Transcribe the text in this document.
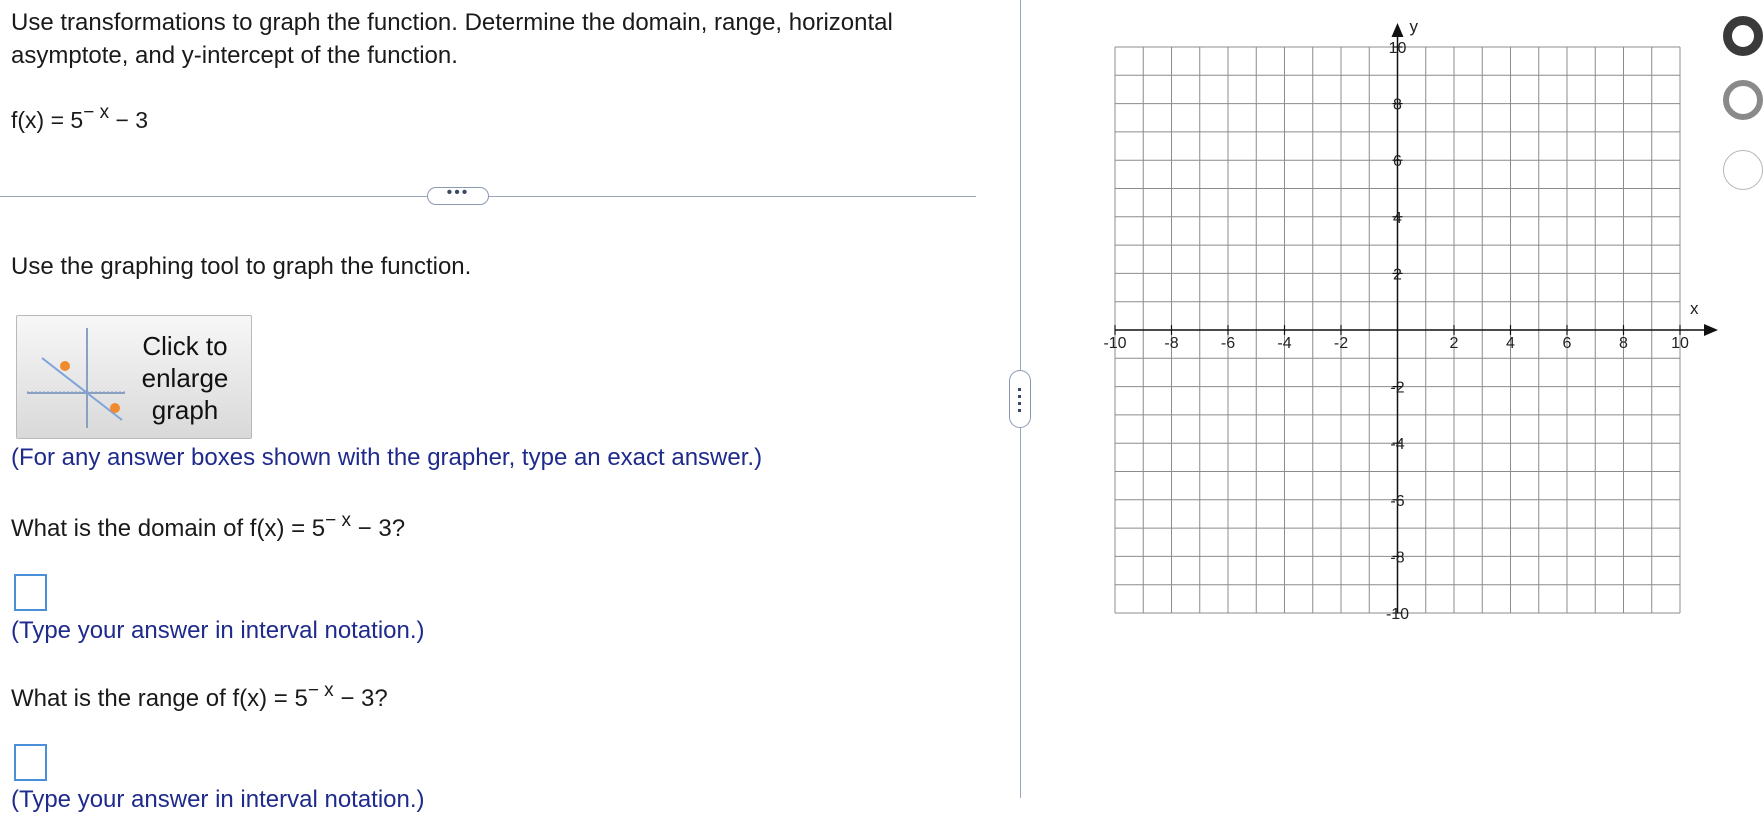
Use transformations to graph the function. Determine the domain, range, horizontal asymptote, and y-intercept of the function.
$f(x) = 5^{- x} - 3$
•••
Use the graphing tool to graph the function.
Click to
enlarge
graph
(For any answer boxes shown with the grapher, type an exact answer.)
What is the domain of $f(x) = 5^{- x} - 3$?
(Type your answer in interval notation.)
What is the range of $f(x) = 5^{- x} - 3$?
(Type your answer in interval notation.)
-10 -8	-6	-4	-2	2	4	6	8	10
10
8
6
4
2
-2
-4
-6
-8
-10
x
y
